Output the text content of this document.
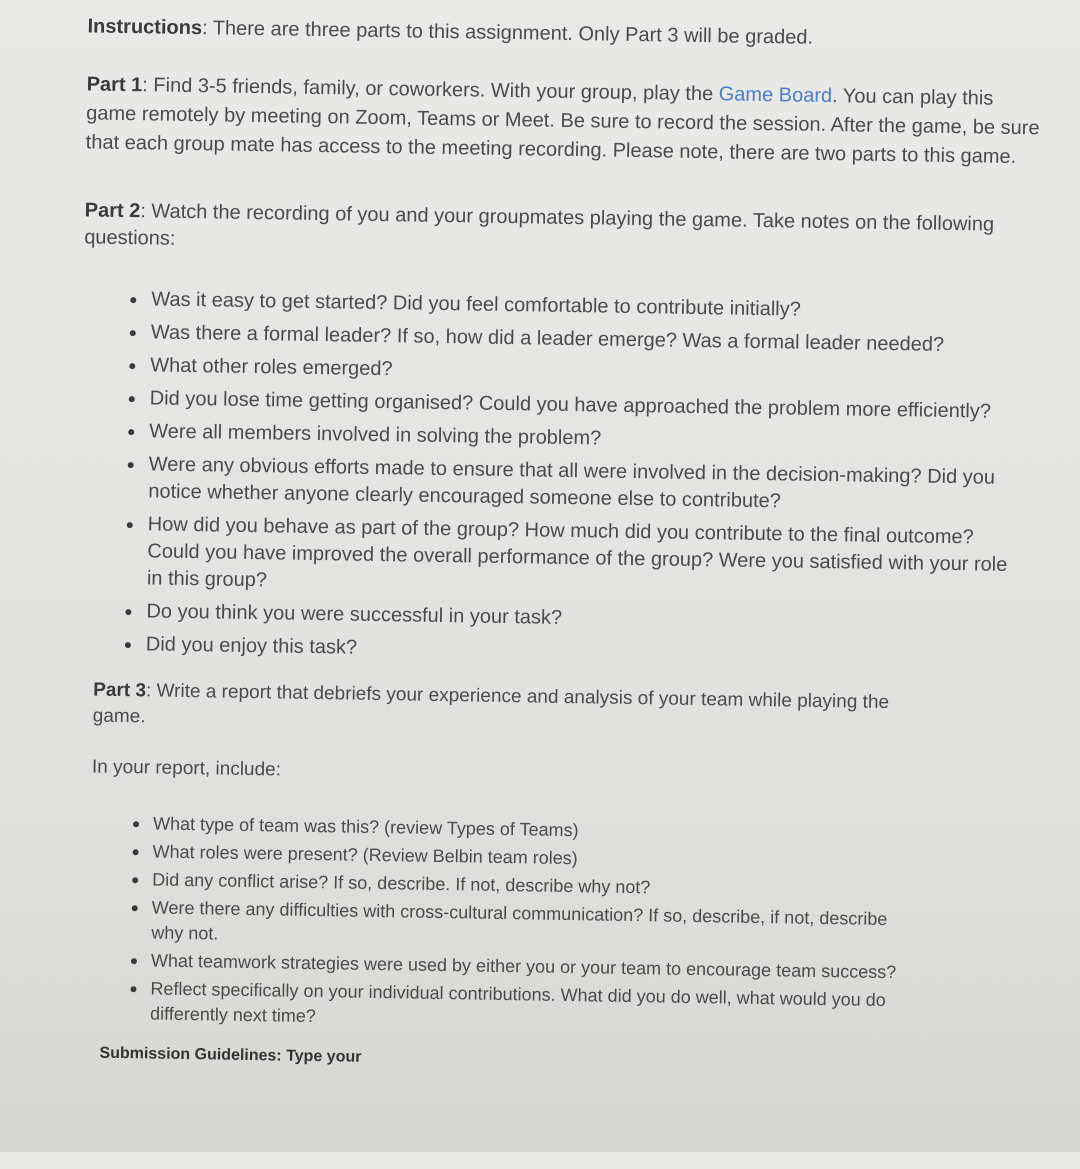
Instructions: There are three parts to this assignment. Only Part 3 will be graded.

Part 1: Find 3-5 friends, family, or coworkers. With your group, play the Game Board. You can play this game remotely by meeting on Zoom, Teams or Meet. Be sure to record the session. After the game, be sure that each group mate has access to the meeting recording. Please note, there are two parts to this game.

Part 2: Watch the recording of you and your groupmates playing the game. Take notes on the following questions:

Was it easy to get started? Did you feel comfortable to contribute initially?
Was there a formal leader? If so, how did a leader emerge? Was a formal leader needed?
What other roles emerged?
Did you lose time getting organised? Could you have approached the problem more efficiently?
Were all members involved in solving the problem?
Were any obvious efforts made to ensure that all were involved in the decision-making? Did you notice whether anyone clearly encouraged someone else to contribute?
How did you behave as part of the group? How much did you contribute to the final outcome? Could you have improved the overall performance of the group? Were you satisfied with your role in this group?
Do you think you were successful in your task?
Did you enjoy this task?

Part 3: Write a report that debriefs your experience and analysis of your team while playing the game.

In your report, include:

What type of team was this? (review Types of Teams)
What roles were present? (Review Belbin team roles)
Did any conflict arise? If so, describe. If not, describe why not?
Were there any difficulties with cross-cultural communication? If so, describe, if not, describe why not.
What teamwork strategies were used by either you or your team to encourage team success?
Reflect specifically on your individual contributions. What did you do well, what would you do differently next time?

Submission Guidelines: Type your
